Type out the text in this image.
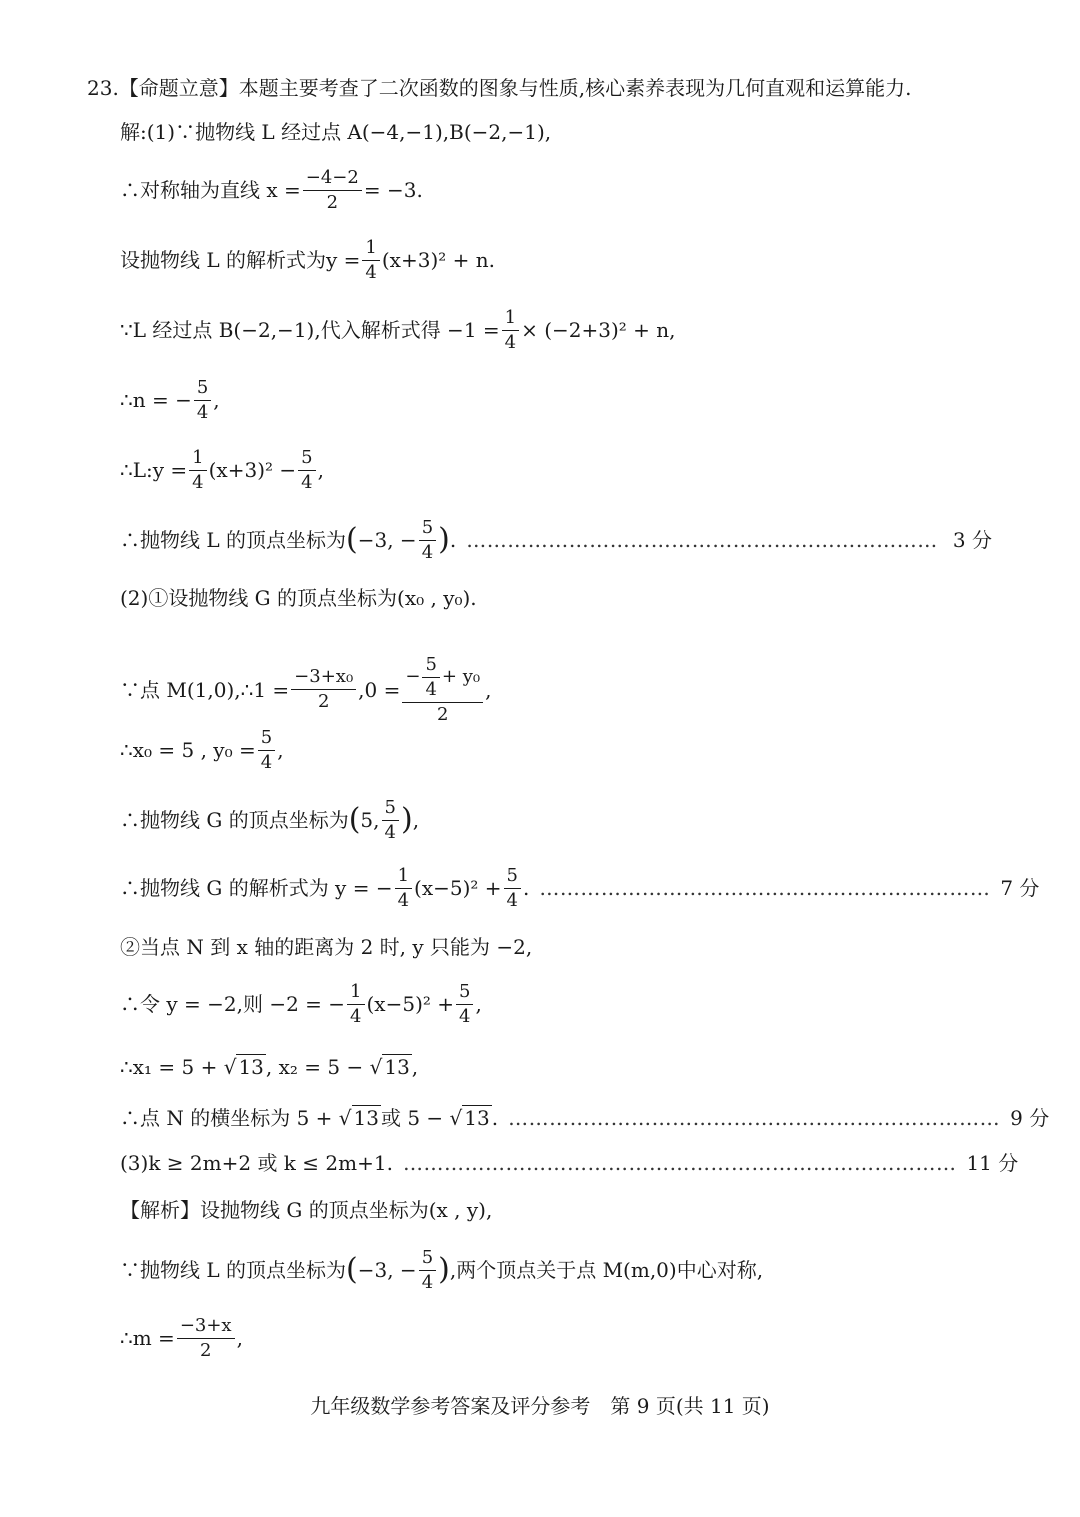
23.【命题立意】本题主要考查了二次函数的图象与性质,核心素养表现为几何直观和运算能力.
解:(1)∵抛物线 L 经过点 A(−4,−1),B(−2,−1),
∴对称轴为直线 $x = \frac{-4-2}{2} = -3$.
设抛物线 L 的解析式为$y = \frac{1}{4} (x+3)^2 + n$.
∵L 经过点 B(−2,−1),代入解析式得 $-1 = \frac{1}{4} \times (-2+3)^2 + n$,
∴n = − $\frac{5}{4}$ ,
∴L:y = $\frac{1}{4} (x+3)^2 - \frac{5}{4}$ ,
∴抛物线 L 的顶点坐标为 ( −3, − $\frac{5}{4}$ ) . …………………………………………………………… 3 分
(2)①设抛物线 G 的顶点坐标为(x₀ , y₀).
∵点 M(1,0),∴1 = $\frac{\text{−3+x₀}}{2} ,0 = \frac{- \frac{5}{4} + y_0}{2}$ ,
∴x₀ = 5 , $y_0 = \frac{5}{4}$ ,
∴抛物线 G 的顶点坐标为 ( 5, $\frac{5}{4}$ ) ,
∴抛物线 G 的解析式为 y = − $\frac{1}{4} (x-5)^2 + \frac{5}{4}$ . ………………………………………………………… 7 分
②当点 N 到 x 轴的距离为 2 时, y 只能为 −2,
∴令 y = −2,则 −2 = − $\frac{1}{4} (x-5)^2 + \frac{5}{4}$ ,
∴x₁ = 5 + √ 13 , x₂ = 5 − √ 13 ,
∴点 N 的横坐标为 5 + √ 13 或 5 − √ 13 . ……………………………………………………………… 9 分
(3)k ≥ 2m+2 或 k ≤ 2m+1. ……………………………………………………………………… 11 分
【解析】设抛物线 G 的顶点坐标为(x , y),
∵抛物线 L 的顶点坐标为 ( −3, − $\frac{5}{4}$ ) ,两个顶点关于点 M(m,0)中心对称,
∴m = $\frac{-3+x}{2}$ ,
九年级数学参考答案及评分参考　第 9 页(共 11 页)
